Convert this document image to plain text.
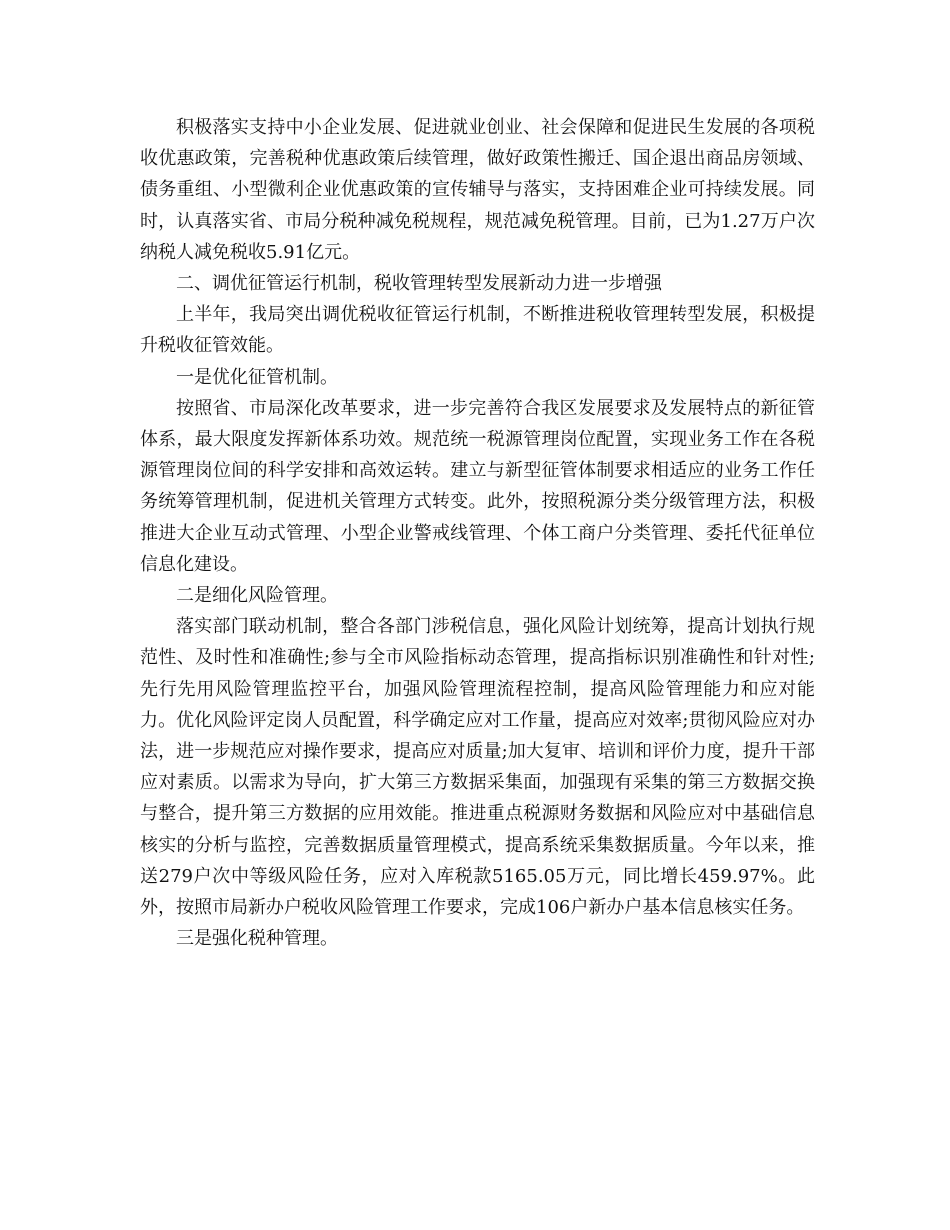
积极落实支持中小企业发展、促进就业创业、社会保障和促进民生发展的各项税收优惠政策，完善税种优惠政策后续管理，做好政策性搬迁、国企退出商品房领域、债务重组、小型微利企业优惠政策的宣传辅导与落实，支持困难企业可持续发展。同时，认真落实省、市局分税种减免税规程，规范减免税管理。目前，已为1.27万户次纳税人减免税收5.91亿元。

二、调优征管运行机制，税收管理转型发展新动力进一步增强

上半年，我局突出调优税收征管运行机制，不断推进税收管理转型发展，积极提升税收征管效能。

一是优化征管机制。

按照省、市局深化改革要求，进一步完善符合我区发展要求及发展特点的新征管体系，最大限度发挥新体系功效。规范统一税源管理岗位配置，实现业务工作在各税源管理岗位间的科学安排和高效运转。建立与新型征管体制要求相适应的业务工作任务统筹管理机制，促进机关管理方式转变。此外，按照税源分类分级管理方法，积极推进大企业互动式管理、小型企业警戒线管理、个体工商户分类管理、委托代征单位信息化建设。

二是细化风险管理。

落实部门联动机制，整合各部门涉税信息，强化风险计划统筹，提高计划执行规范性、及时性和准确性;参与全市风险指标动态管理，提高指标识别准确性和针对性;先行先用风险管理监控平台，加强风险管理流程控制，提高风险管理能力和应对能力。优化风险评定岗人员配置，科学确定应对工作量，提高应对效率;贯彻风险应对办法，进一步规范应对操作要求，提高应对质量;加大复审、培训和评价力度，提升干部应对素质。以需求为导向，扩大第三方数据采集面，加强现有采集的第三方数据交换与整合，提升第三方数据的应用效能。推进重点税源财务数据和风险应对中基础信息核实的分析与监控，完善数据质量管理模式，提高系统采集数据质量。今年以来，推送279户次中等级风险任务，应对入库税款5165.05万元，同比增长459.97%。此外，按照市局新办户税收风险管理工作要求，完成106户新办户基本信息核实任务。

三是强化税种管理。
